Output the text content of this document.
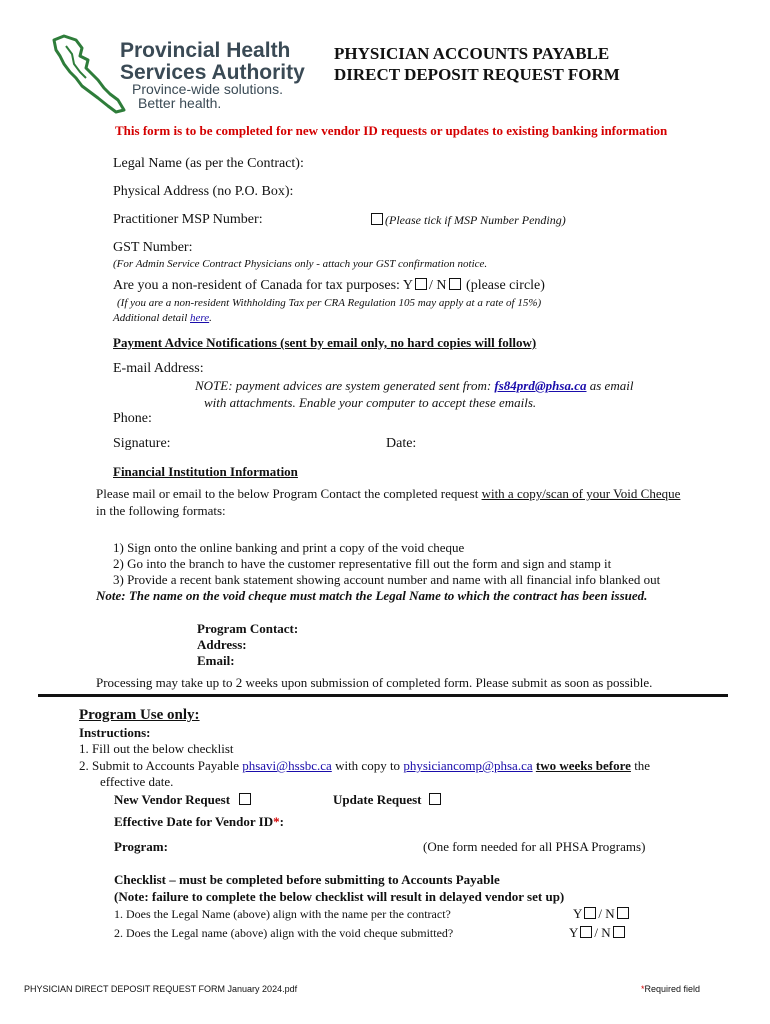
Provincial Health
Services Authority
Province-wide solutions.
Better health.
PHYSICIAN ACCOUNTS PAYABLE
DIRECT DEPOSIT REQUEST FORM
This form is to be completed for new vendor ID requests or updates to existing banking information
Legal Name (as per the Contract):
Physical Address (no P.O. Box):
Practitioner MSP Number:	(Please tick if MSP Number Pending)
GST Number:
(For Admin Service Contract Physicians only - attach your GST confirmation notice.
Are you a non-resident of Canada for tax purposes: Y / N (please circle)
(If you are a non-resident Withholding Tax per CRA Regulation 105 may apply at a rate of 15%)
Additional detail here.
Payment Advice Notifications (sent by email only, no hard copies will follow)
E-mail Address:
NOTE: payment advices are system generated sent from: fs84prd@phsa.ca as email
with attachments. Enable your computer to accept these emails.
Phone:
Signature:	Date:
Financial Institution Information
Please mail or email to the below Program Contact the completed request with a copy/scan of your Void Cheque
in the following formats:
1) Sign onto the online banking and print a copy of the void cheque
2) Go into the branch to have the customer representative fill out the form and sign and stamp it
3) Provide a recent bank statement showing account number and name with all financial info blanked out
Note: The name on the void cheque must match the Legal Name to which the contract has been issued.
Program Contact:
Address:
Email:
Processing may take up to 2 weeks upon submission of completed form. Please submit as soon as possible.
Program Use only:
Instructions:
1. Fill out the below checklist
2. Submit to Accounts Payable phsavi@hssbc.ca with copy to physiciancomp@phsa.ca two weeks before the
effective date.
New Vendor Request	Update Request
Effective Date for Vendor ID*:
Program:	(One form needed for all PHSA Programs)
Checklist – must be completed before submitting to Accounts Payable
(Note: failure to complete the below checklist will result in delayed vendor set up)
1. Does the Legal Name (above) align with the name per the contract?	Y / N
2. Does the Legal name (above) align with the void cheque submitted?	Y / N
PHYSICIAN DIRECT DEPOSIT REQUEST FORM January 2024.pdf	*Required field
